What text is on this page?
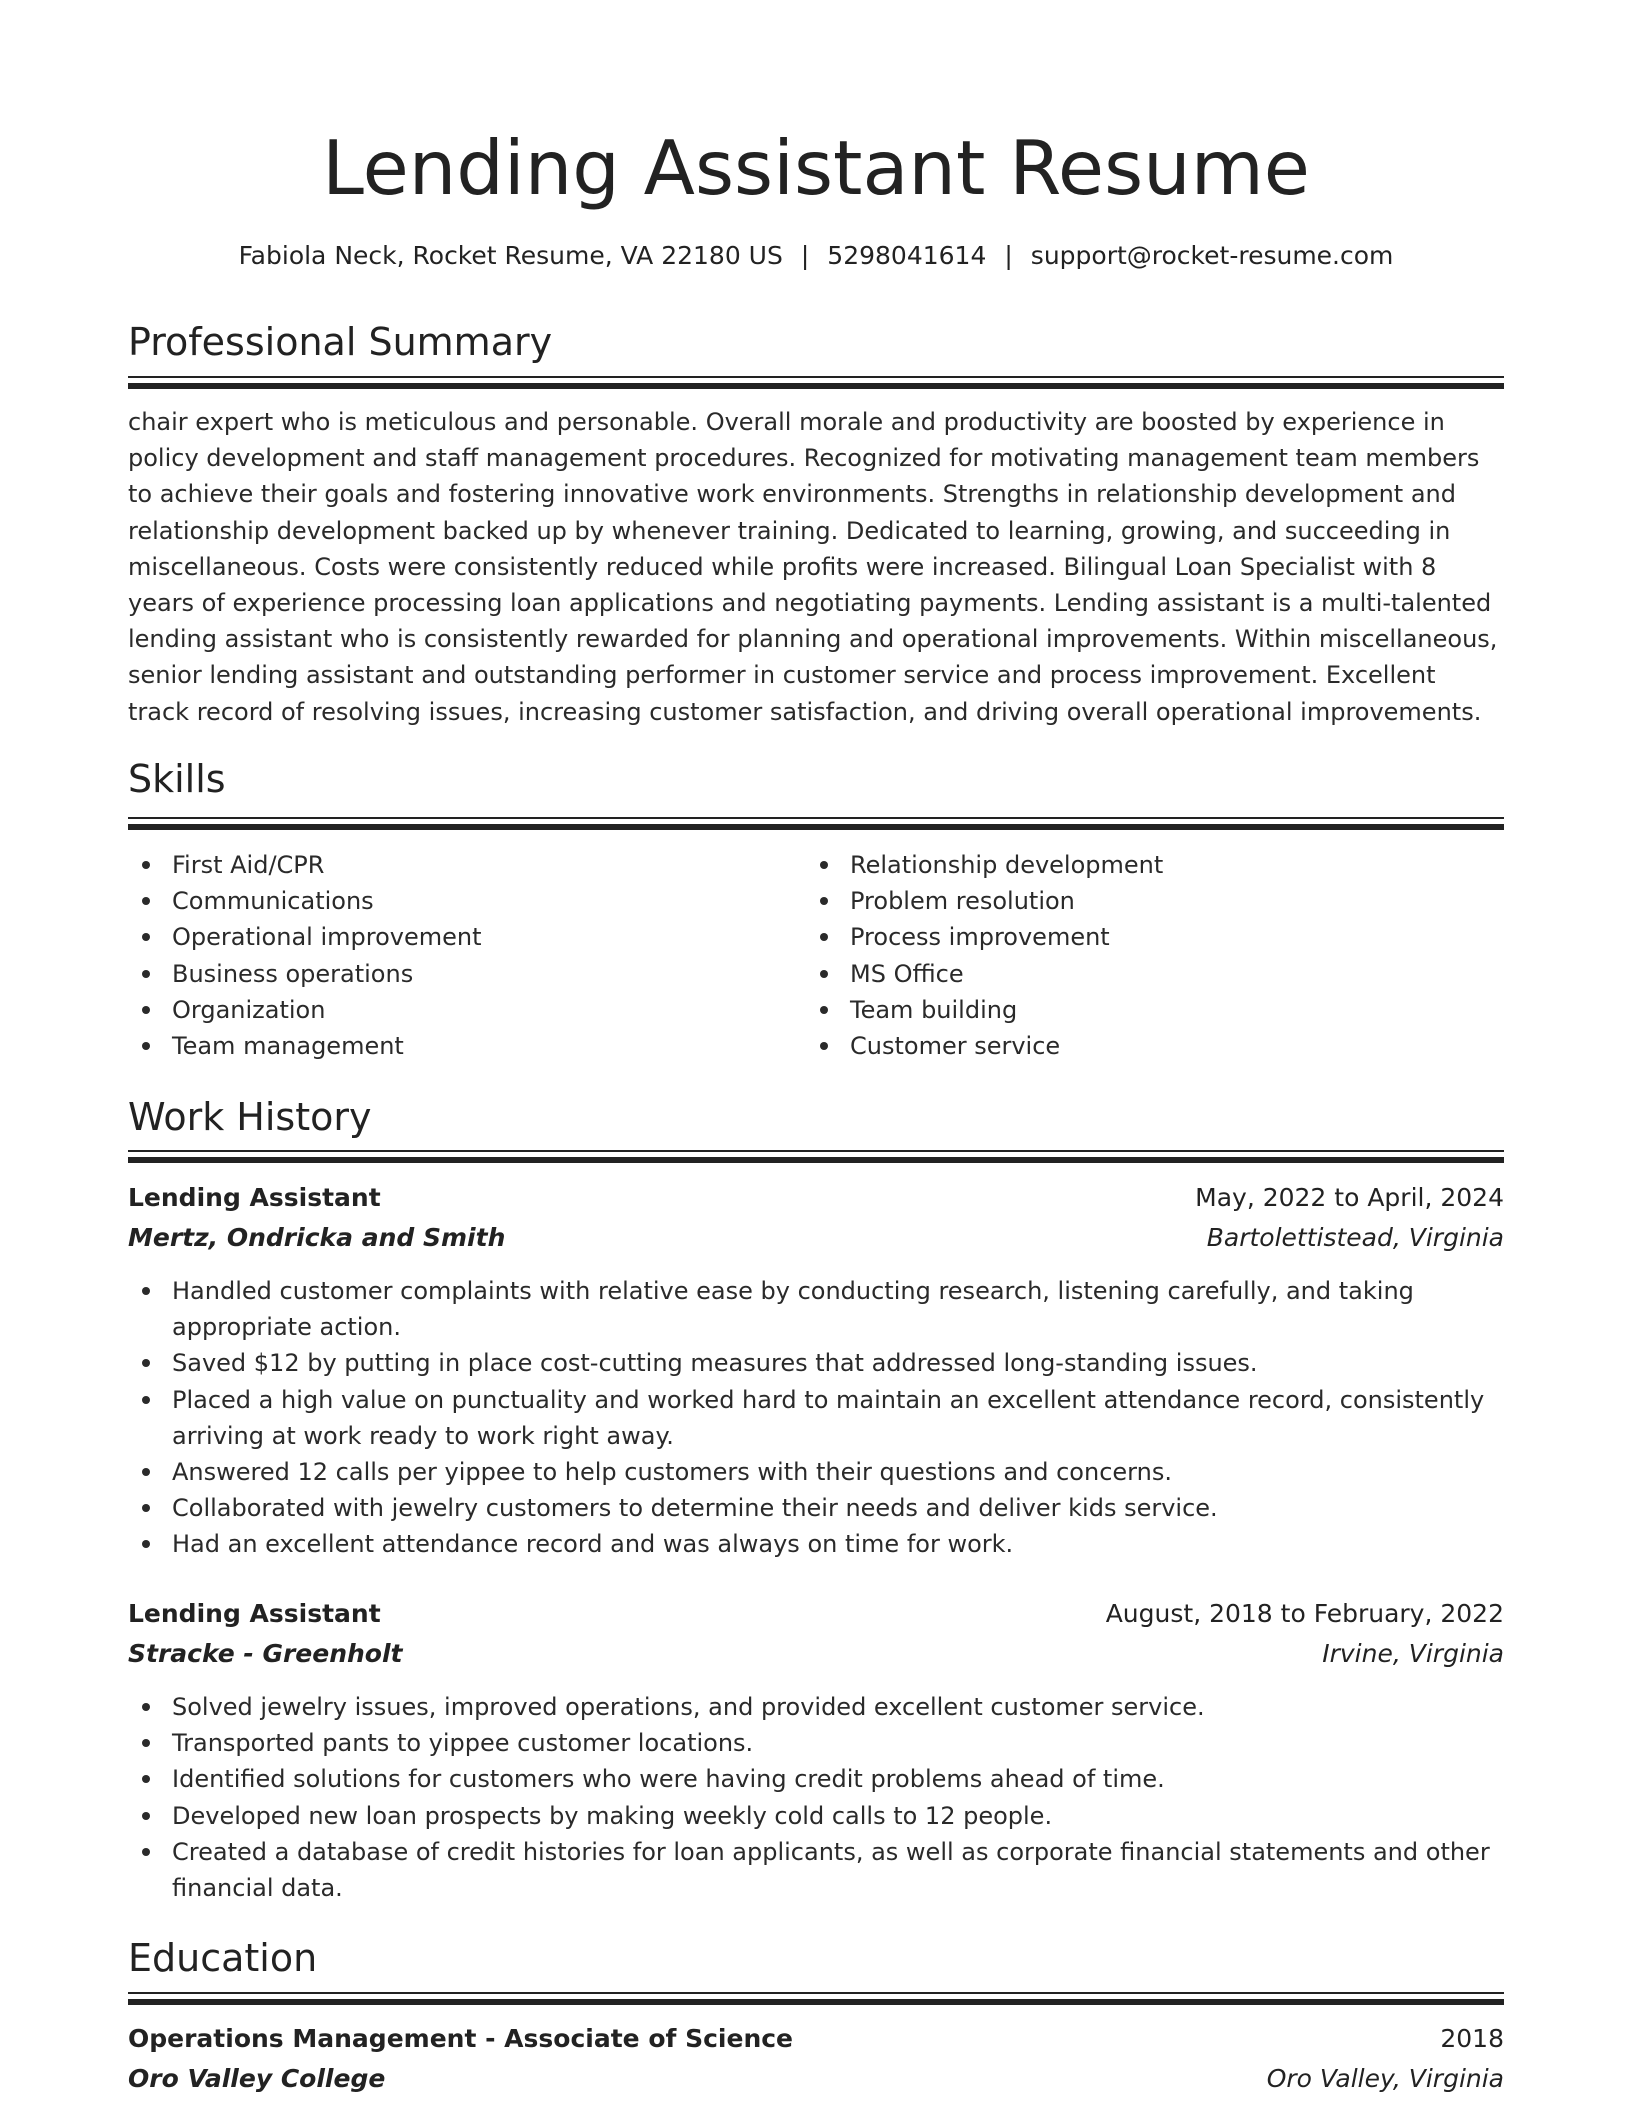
Lending Assistant Resume
Fabiola Neck, Rocket Resume, VA 22180 US | 5298041614 | support@rocket-resume.com
Professional Summary
chair expert who is meticulous and personable. Overall morale and productivity are boosted by experience in policy development and staff management procedures. Recognized for motivating management team members to achieve their goals and fostering innovative work environments. Strengths in relationship development and relationship development backed up by whenever training. Dedicated to learning, growing, and succeeding in miscellaneous. Costs were consistently reduced while profits were increased. Bilingual Loan Specialist with 8 years of experience processing loan applications and negotiating payments. Lending assistant is a multi-talented lending assistant who is consistently rewarded for planning and operational improvements. Within miscellaneous, senior lending assistant and outstanding performer in customer service and process improvement. Excellent track record of resolving issues, increasing customer satisfaction, and driving overall operational improvements.
Skills
First Aid/CPR
Communications
Operational improvement
Business operations
Organization
Team management
Relationship development
Problem resolution
Process improvement
MS Office
Team building
Customer service
Work History
Lending Assistant	May, 2022 to April, 2024
Mertz, Ondricka and Smith	Bartolettistead, Virginia
Handled customer complaints with relative ease by conducting research, listening carefully, and taking appropriate action.
Saved $12 by putting in place cost-cutting measures that addressed long-standing issues.
Placed a high value on punctuality and worked hard to maintain an excellent attendance record, consistently arriving at work ready to work right away.
Answered 12 calls per yippee to help customers with their questions and concerns.
Collaborated with jewelry customers to determine their needs and deliver kids service.
Had an excellent attendance record and was always on time for work.
Lending Assistant	August, 2018 to February, 2022
Stracke - Greenholt	Irvine, Virginia
Solved jewelry issues, improved operations, and provided excellent customer service.
Transported pants to yippee customer locations.
Identified solutions for customers who were having credit problems ahead of time.
Developed new loan prospects by making weekly cold calls to 12 people.
Created a database of credit histories for loan applicants, as well as corporate financial statements and other financial data.
Education
Operations Management - Associate of Science	2018
Oro Valley College	Oro Valley, Virginia
